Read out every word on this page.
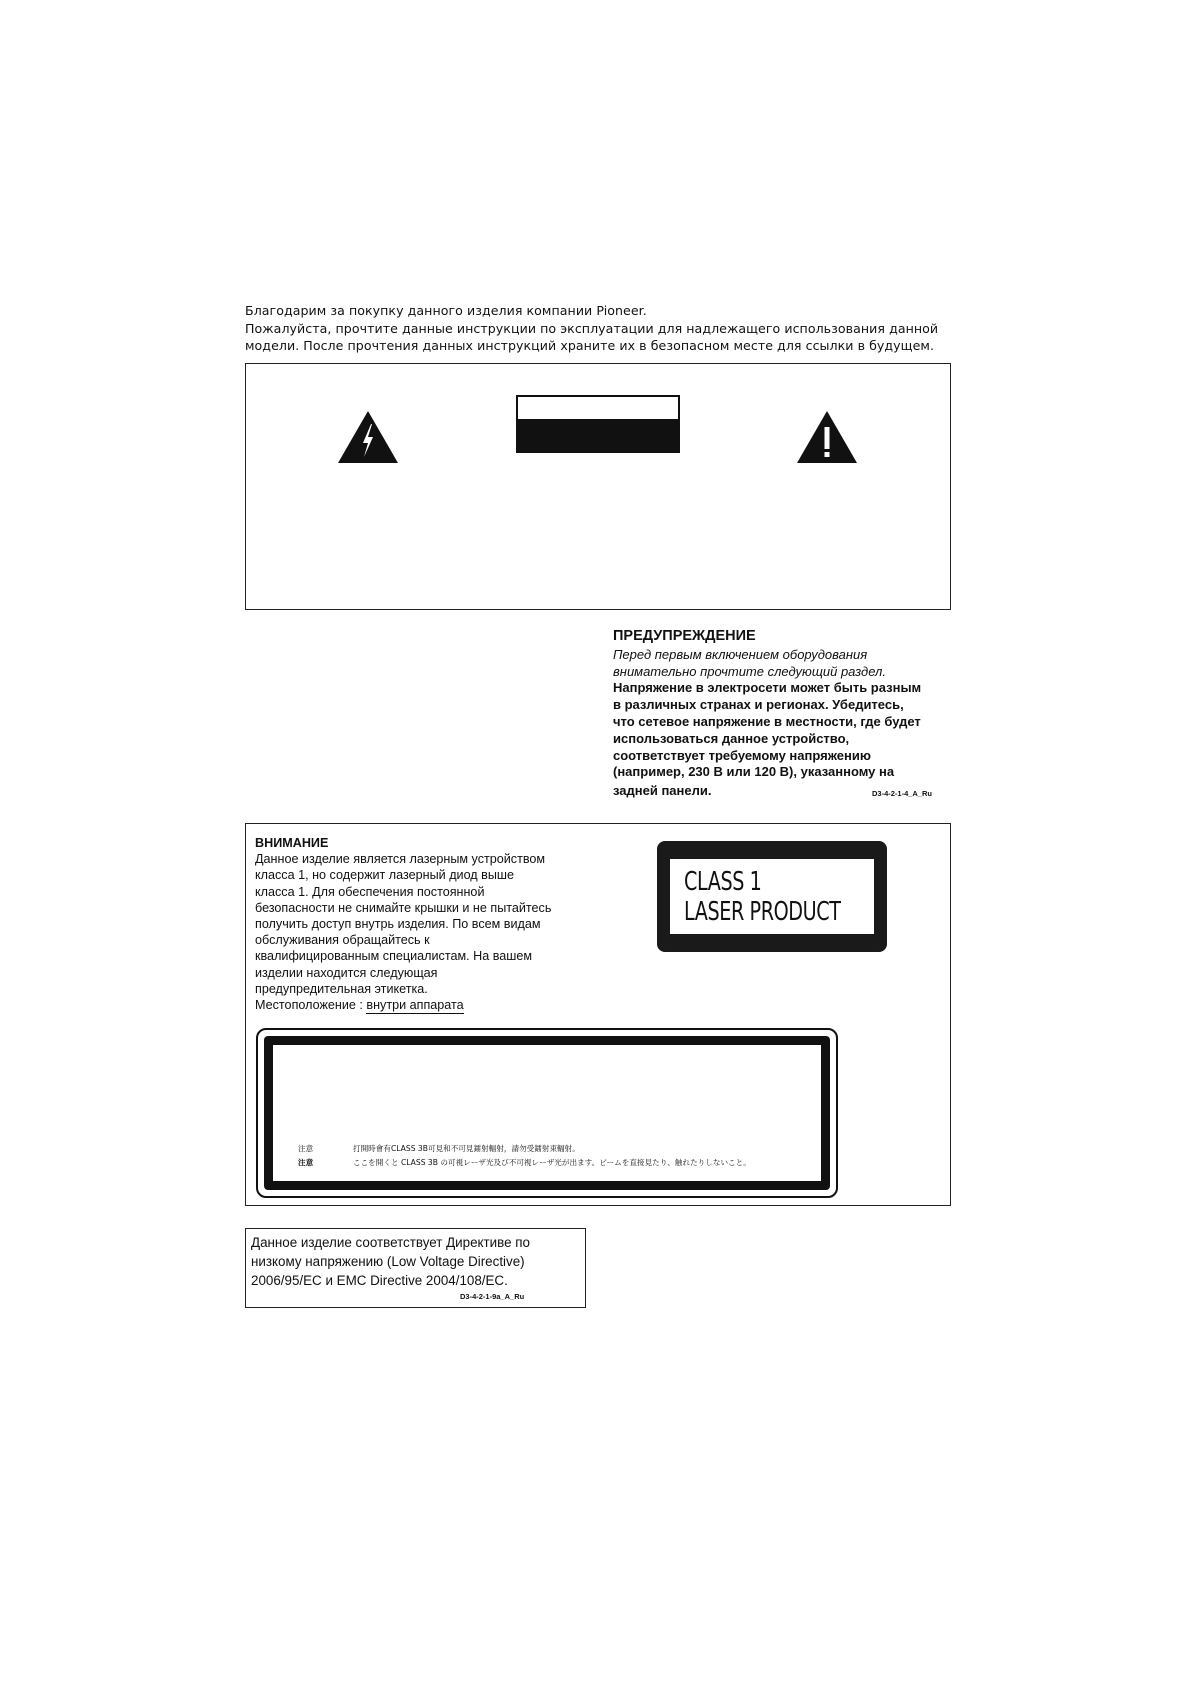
Благодарим за покупку данного изделия компании Pioneer.
Пожалуйста, прочтите данные инструкции по эксплуатации для надлежащего использования данной
модели. После прочтения данных инструкций храните их в безопасном месте для ссылки в будущем.
ПРЕДУПРЕЖДЕНИЕ
Перед первым включением оборудования
внимательно прочтите следующий раздел.
Напряжение в электросети может быть разным
в различных странах и регионах. Убедитесь,
что сетевое напряжение в местности, где будет
использоваться данное устройство,
соответствует требуемому напряжению
(например, 230 В или 120 В), указанному на
задней панели.	D3-4-2-1-4_A_Ru
ВНИМАНИЕ
Данное изделие является лазерным устройством
класса 1, но содержит лазерный диод выше
класса 1. Для обеспечения постоянной
безопасности не снимайте крышки и не пытайтесь
получить доступ внутрь изделия. По всем видам
обслуживания обращайтесь к
квалифицированным специалистам. На вашем
изделии находится следующая
предупредительная этикетка.
Местоположение : внутри аппарата
CLASS 1
LASER PRODUCT
注意	打開時會有CLASS 3B可見和不可見鐳射輻射，請勿受鐳射束輻射。
注意	ここを開くと CLASS 3B の可視レーザ光及び不可視レーザ光が出ます。ビームを直接見たり、触れたりしないこと。
Данное изделие соответствует Директиве по
низкому напряжению (Low Voltage Directive)
2006/95/EC и EMC Directive 2004/108/EC.
D3-4-2-1-9a_A_Ru
